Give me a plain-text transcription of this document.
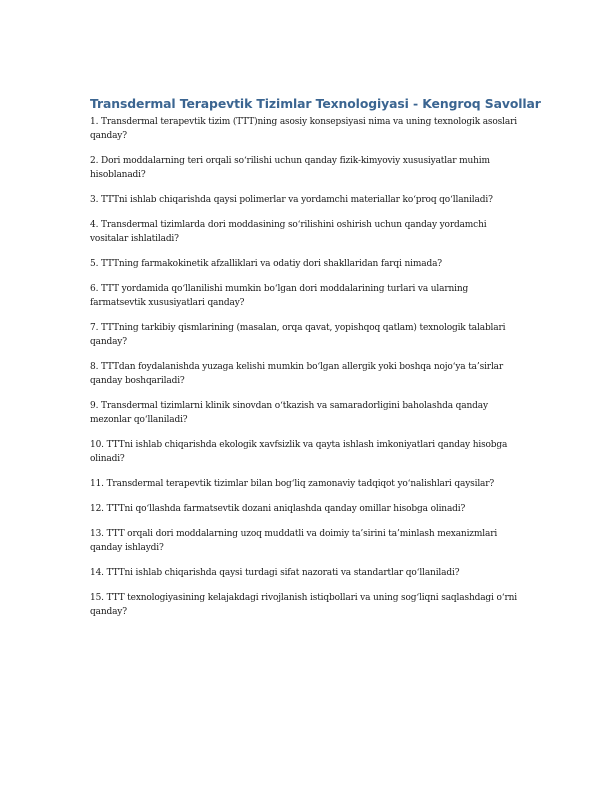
Transdermal Terapevtik Tizimlar Texnologiyasi - Kengroq Savollar
1. Transdermal terapevtik tizim (TTT)ning asosiy konsepsiyasi nima va uning texnologik asoslari qanday?
2. Dori moddalarning teri orqali so‘rilishi uchun qanday fizik-kimyoviy xususiyatlar muhim hisoblanadi?
3. TTTni ishlab chiqarishda qaysi polimerlar va yordamchi materiallar ko‘proq qo‘llaniladi?
4. Transdermal tizimlarda dori moddasining so‘rilishini oshirish uchun qanday yordamchi vositalar ishlatiladi?
5. TTTning farmakokinetik afzalliklari va odatiy dori shakllaridan farqi nimada?
6. TTT yordamida qo‘llanilishi mumkin bo‘lgan dori moddalarining turlari va ularning farmatsevtik xususiyatlari qanday?
7. TTTning tarkibiy qismlarining (masalan, orqa qavat, yopishqoq qatlam) texnologik talablari qanday?
8. TTTdan foydalanishda yuzaga kelishi mumkin bo‘lgan allergik yoki boshqa nojo‘ya ta’sirlar qanday boshqariladi?
9. Transdermal tizimlarni klinik sinovdan o‘tkazish va samaradorligini baholashda qanday mezonlar qo‘llaniladi?
10. TTTni ishlab chiqarishda ekologik xavfsizlik va qayta ishlash imkoniyatlari qanday hisobga olinadi?
11. Transdermal terapevtik tizimlar bilan bog‘liq zamonaviy tadqiqot yo‘nalishlari qaysilar?
12. TTTni qo‘llashda farmatsevtik dozani aniqlashda qanday omillar hisobga olinadi?
13. TTT orqali dori moddalarning uzoq muddatli va doimiy ta’sirini ta’minlash mexanizmlari qanday ishlaydi?
14. TTTni ishlab chiqarishda qaysi turdagi sifat nazorati va standartlar qo‘llaniladi?
15. TTT texnologiyasining kelajakdagi rivojlanish istiqbollari va uning sog‘liqni saqlashdagi o‘rni qanday?
